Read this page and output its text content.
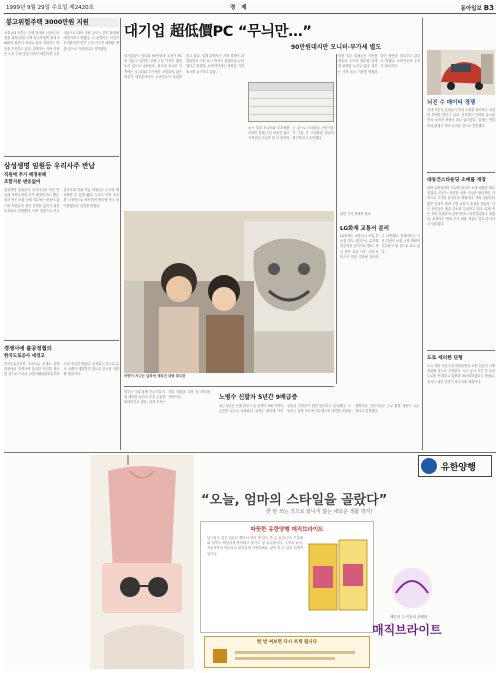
1999년 9월 29일 수요일 제2420호	경 제	동아일보 B3
봉고위험주택 3000만원 지원
서울시와 정부는 주택 임대차 시장의 안정을 위해 위험 주택 입주자에게 최대 3000만 원까지 저리로 융자 지원하는 방안을 추진하고 있다. 관계자는 이번 지원은 노후 주택 밀집 지역의 세입자를 우선 대상으로 하며 지원 규모는 추후 확정될 예정이라고 밝혔다. 시 관계자는 사업이 본격화되면 연간 수천 가구가 혜택을 받을 것으로 기대된다고 설명했다.
삼성생명 임원등 우리사주 반납
직원에 추가 배정위해
조합지분 변동없어
삼성생명 임원들이 우리사주를 자진 반납해 직원들에게 추가 배정하기로 했다. 회사 측은 조합 전체 지분에는 변동이 없으며 직원들의 참여 기회를 넓히기 위한 조치라고 설명했다. 이번 결정으로 신규 입사자와 하위 직급 직원들도 주식을 배정받을 수 있게 됐다. 노조도 이번 조치를 긍정적으로 평가하며 협의에 적극 참여하겠다는 입장을 밝혔다.
경쟁사에 불공정협의
한국도로공사 세경고
한국도로공사가 고속도로 휴게소 운영 과정에서 경쟁사에 불리한 조건을 제시한 것으로 드러나 공정거래위원회로부터 시정 경고를 받았다. 공정위는 앞으로 유사 사례가 재발하지 않도록 감시를 강화할 방침이다.
대기업 超低價PC “무늬만…”
90만원대지만 모니터·부가세 별도
대기업들이 앞다퉈 90만원대 초저가 PC를 내놓고 있지만 실제 구입 가격은 훨씬 높은 것으로 나타났다. 광고에 표시된 가격에는 모니터와 부가세가 포함되지 않은 경우가 대부분이어서 소비자들이 혼란을 겪고 있다. 업계 관계자는 가격 경쟁이 과열되면서 이런 표시 방식이 관행처럼 굳어졌다고 말했다. 소비자단체는 정확한 가격 표시를 요구하고 있다.
조사 결과 모니터와 부가세를 더하면 실제 구입 비용은 광고 가격보다 수십만 원 더 비싸지는 것으로 드러났다. 전문가들은 구입 전 구성품을 꼼꼼히 확인하라고 조언했다.
한편 일부 업체들은 사은품 제공과 무이자 할부를 앞세워 판매를 늘리고 있다. 정부는 가격 표시 기준을 명확히 하는 방안을 검토하고 있다고 밝혔다. 소비자들의 주의가 필요하다.
차량이 지나는 길목에 세워진 대형 광고판
정부는 이와 함께 중소기업 지원 예산을 늘리고 수출 금융을 확대하기로 했다. 관계 부처는 세부 계획을 다음 달 발표할 예정이다.	노병수 신발자 5년간 9배급증
최근 5년간 신발 관련 노동 분쟁이 9배 가까이 급증한 것으로 나타났다. 업계는 원자재 가격 상승과 인력난이 겹친 탓이라고 분석했다. 노동부는 실태 조사에 착수했으며 대책을 마련할 계획이다. 전문가들은 근로 환경 개선이 시급하다고 지적했다.
관련 기사 경제면 참조
LG화재 교통서 분리
LG화재는 교통사고 보험 부문을 별도 법인으로 분리해 전문성을 높이기로 했다. 회사 측은 분리 이후 고객 서비스가 한층 강화될 것이라고 설명했다. 업계에서는 이번 결정이 보험 시장 재편의 신호탄이 될 것으로 보고 있다.
뇌진 수 매이티 경쟁
국내 자동차 업체들이 경차 시장을 둘러싸고 치열한 경쟁을 벌이고 있다. 신모델이 잇따라 출시되면서 소비자 선택의 폭도 넓어졌다. 업계는 연말까지 판매가 계속 늘어날 것으로 전망했다.
대동건스타운딩 소매를 개장
대형 유통업체가 도심에 대규모 소매 매장을 새로 열었다. 회사는 다양한 상품 구성과 합리적인 가격으로 고객을 끌어모을 계획이다. 개장 첫날부터 많은 인파가 몰려 주변 교통이 혼잡을 빚었다. 인근 상인들은 매출 감소를 우려하고 있다. 업체 측은 지역 상권과의 상생 방안도 마련하겠다고 밝혔다. 관계자는 연내 추가 매장 개설도 검토 중이라고 덧붙였다.
도로 세리한 단형
도로 정비 사업이 본격화되면서 교통 흐름이 크게 개선될 것으로 기대된다. 시는 공사 기간 중 우회 도로를 안내하고 불편을 최소화하겠다고 밝혔다. 공사는 내년 상반기 마무리될 예정이다.
유한양행
“오늘, 엄마의 스타일을 골랐다”
한 번 쓰는 것으로 끝나지 않는 새로운 생활 방식!
따뜻한 유한양행 매직브라이트
부드럽고 질긴 섬유로 빨아서 여러 번 다시 쓸 수 있습니다. 기름때와 얼룩도 깨끗하게 닦아내고 물기도 잘 흡수합니다. 주방과 욕실, 자동차까지 어디서나 편리하게 사용하세요. 삶아 쓸 수 있어 위생적입니다.
한 번 써보면 다시 쓰게 됩니다
깨끗한 그 이상의 상쾌함
매직브라이트
